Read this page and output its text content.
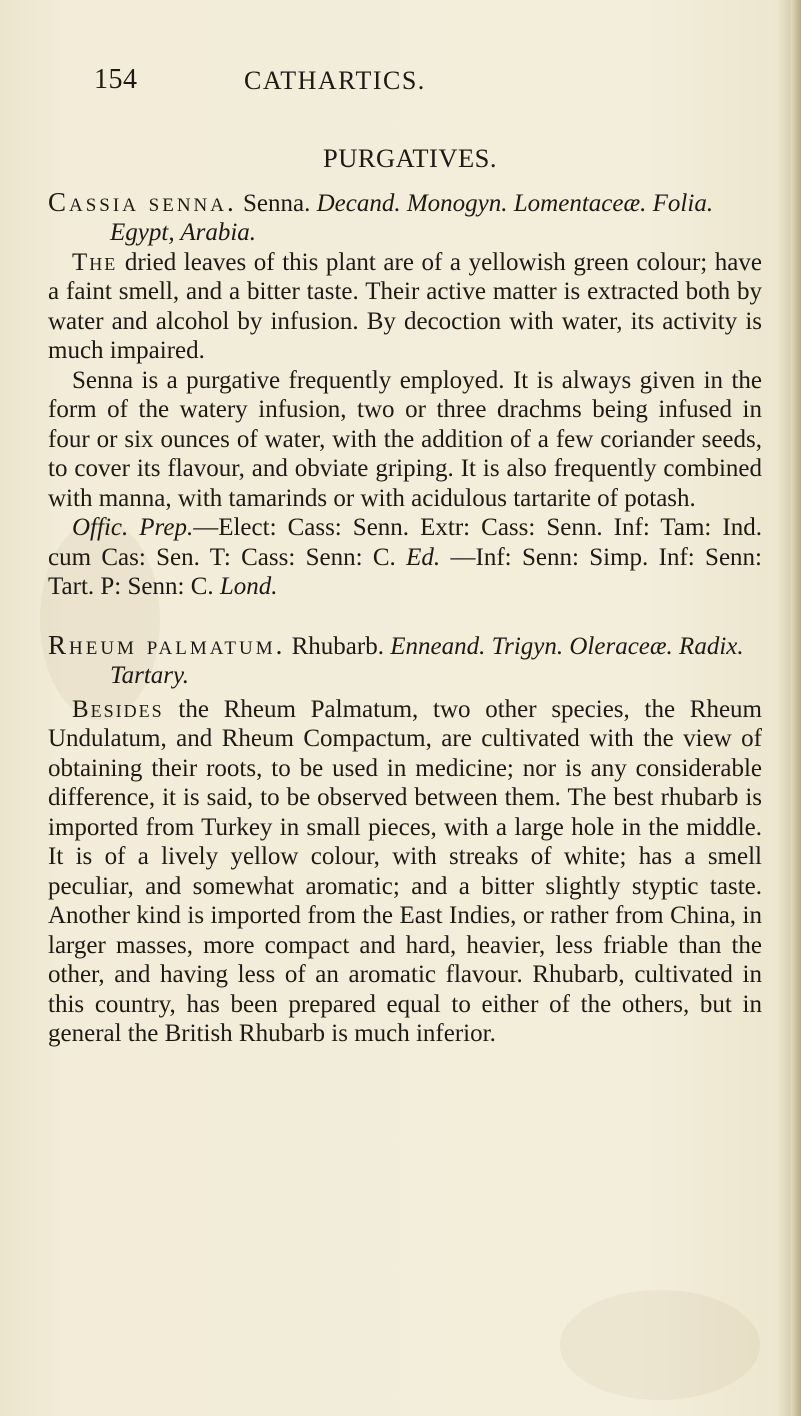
154	CATHARTICS.
PURGATIVES.

Cassia senna. Senna. Decand. Monogyn. Lomentaceæ. Folia. Egypt, Arabia.

The dried leaves of this plant are of a yellowish green colour; have a faint smell, and a bitter taste. Their active matter is extracted both by water and alcohol by infusion. By decoction with water, its activity is much impaired.

Senna is a purgative frequently employed. It is always given in the form of the watery infusion, two or three drachms being infused in four or six ounces of water, with the addition of a few coriander seeds, to cover its flavour, and obviate griping. It is also frequently combined with manna, with tamarinds or with acidulous tartarite of potash.

Offic. Prep.—Elect: Cass: Senn. Extr: Cass: Senn. Inf: Tam: Ind. cum Cas: Sen. T: Cass: Senn: C. Ed. —Inf: Senn: Simp. Inf: Senn: Tart. P: Senn: C. Lond.

Rheum palmatum. Rhubarb. Enneand. Trigyn. Oleraceæ. Radix. Tartary.

Besides the Rheum Palmatum, two other species, the Rheum Undulatum, and Rheum Compactum, are cultivated with the view of obtaining their roots, to be used in medicine; nor is any considerable difference, it is said, to be observed between them. The best rhubarb is imported from Turkey in small pieces, with a large hole in the middle. It is of a lively yellow colour, with streaks of white; has a smell peculiar, and somewhat aromatic; and a bitter slightly styptic taste. Another kind is imported from the East Indies, or rather from China, in larger masses, more compact and hard, heavier, less friable than the other, and having less of an aromatic flavour. Rhubarb, cultivated in this country, has been prepared equal to either of the others, but in general the British Rhubarb is much inferior.
